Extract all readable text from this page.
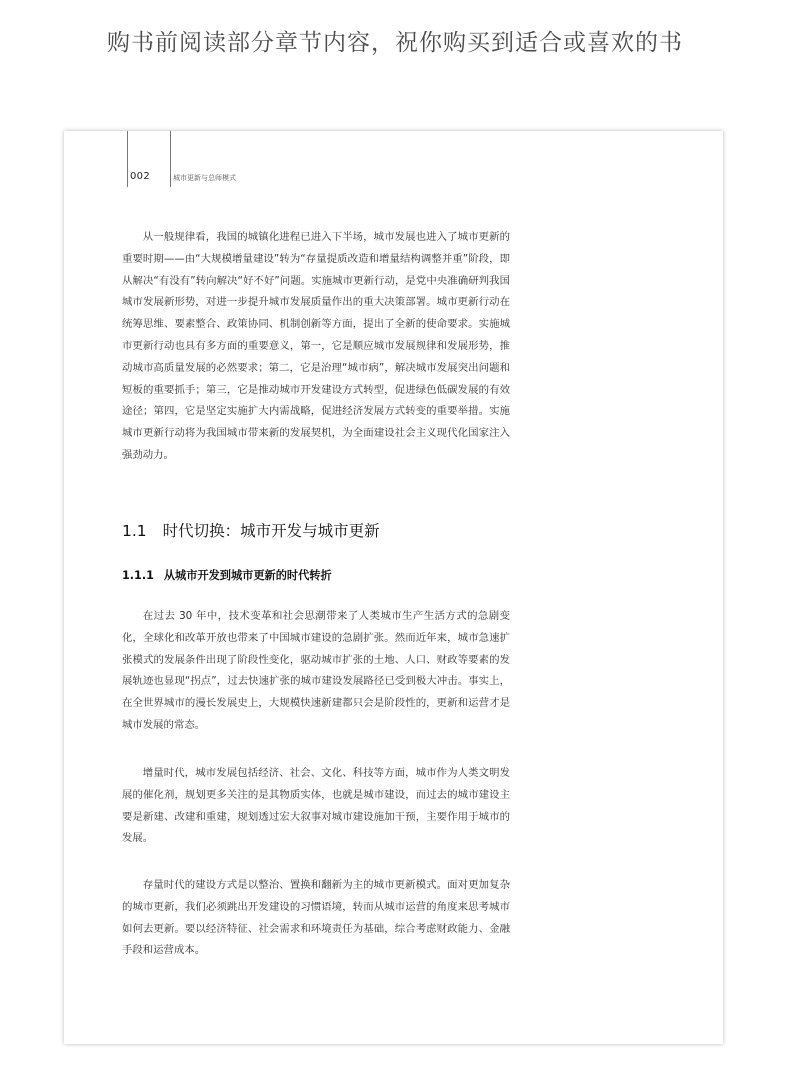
购书前阅读部分章节内容，祝你购买到适合或喜欢的书
002	城市更新与总师模式

从一般规律看，我国的城镇化进程已进入下半场，城市发展也进入了城市更新的重要时期——由“大规模增量建设”转为“存量提质改造和增量结构调整并重”阶段，即从解决“有没有”转向解决“好不好”问题。实施城市更新行动，是党中央准确研判我国城市发展新形势，对进一步提升城市发展质量作出的重大决策部署。城市更新行动在统筹思维、要素整合、政策协同、机制创新等方面，提出了全新的使命要求。实施城市更新行动也具有多方面的重要意义，第一，它是顺应城市发展规律和发展形势，推动城市高质量发展的必然要求；第二，它是治理“城市病”，解决城市发展突出问题和短板的重要抓手；第三，它是推动城市开发建设方式转型，促进绿色低碳发展的有效途径；第四，它是坚定实施扩大内需战略，促进经济发展方式转变的重要举措。实施城市更新行动将为我国城市带来新的发展契机，为全面建设社会主义现代化国家注入强劲动力。

1.1 时代切换：城市开发与城市更新
1.1.1 从城市开发到城市更新的时代转折

在过去 30 年中，技术变革和社会思潮带来了人类城市生产生活方式的急剧变化，全球化和改革开放也带来了中国城市建设的急剧扩张。然而近年来，城市急速扩张模式的发展条件出现了阶段性变化，驱动城市扩张的土地、人口、财政等要素的发展轨迹也显现“拐点”，过去快速扩张的城市建设发展路径已受到极大冲击。事实上，在全世界城市的漫长发展史上，大规模快速新建都只会是阶段性的，更新和运营才是城市发展的常态。

增量时代，城市发展包括经济、社会、文化、科技等方面，城市作为人类文明发展的催化剂，规划更多关注的是其物质实体，也就是城市建设，而过去的城市建设主要是新建、改建和重建，规划透过宏大叙事对城市建设施加干预，主要作用于城市的发展。

存量时代的建设方式是以整治、置换和翻新为主的城市更新模式。面对更加复杂的城市更新，我们必须跳出开发建设的习惯语境，转而从城市运营的角度来思考城市如何去更新。要以经济特征、社会需求和环境责任为基础，综合考虑财政能力、金融手段和运营成本。
